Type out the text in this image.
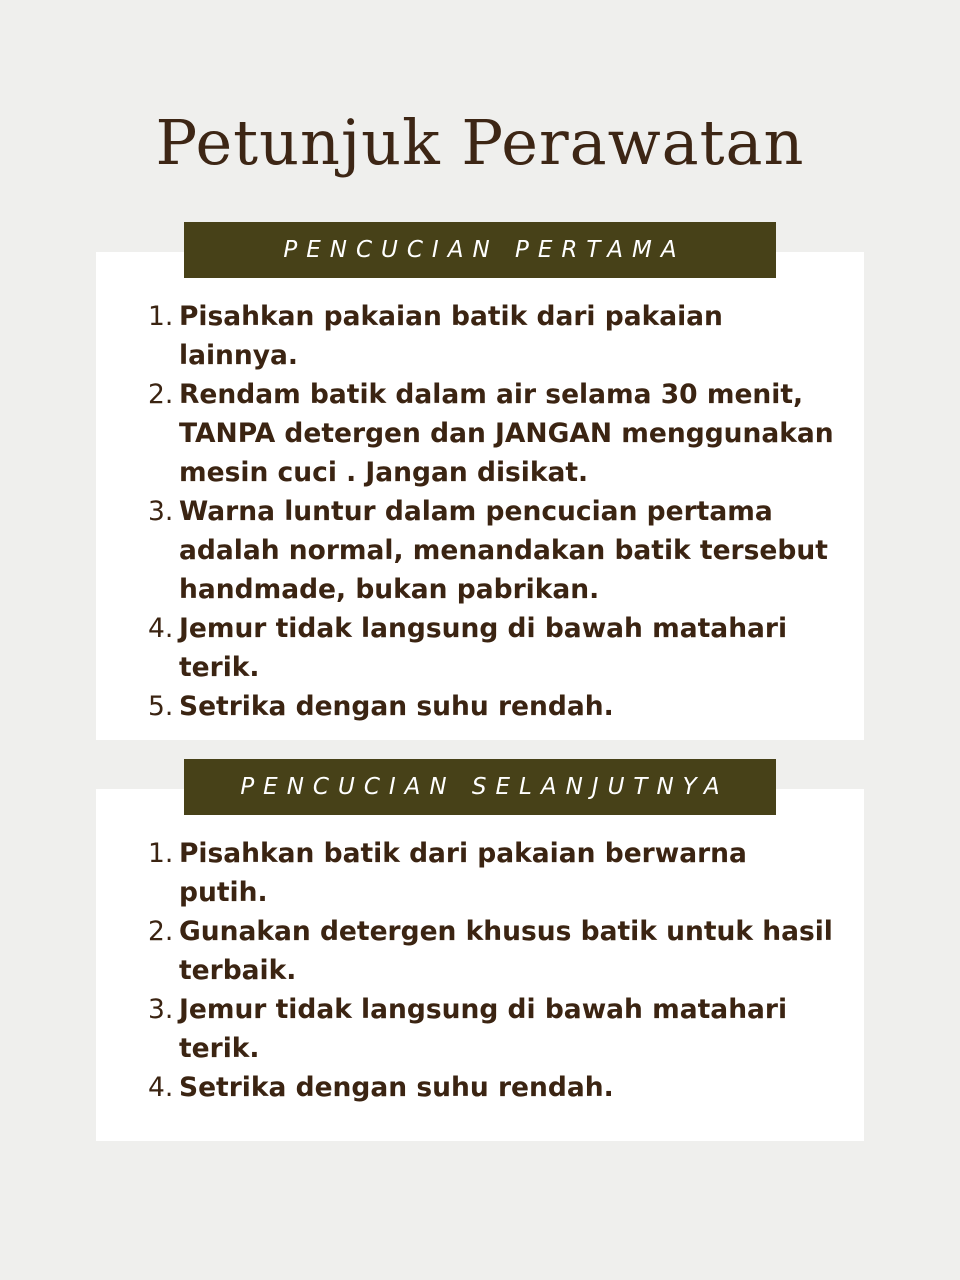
Petunjuk Perawatan
PENCUCIAN PERTAMA
1. Pisahkan pakaian batik dari pakaian lainnya.
2. Rendam batik dalam air selama 30 menit, TANPA detergen dan JANGAN menggunakan mesin cuci . Jangan disikat.
3. Warna luntur dalam pencucian pertama adalah normal, menandakan batik tersebut handmade, bukan pabrikan.
4. Jemur tidak langsung di bawah matahari terik.
5. Setrika dengan suhu rendah.
PENCUCIAN SELANJUTNYA
1. Pisahkan batik dari pakaian berwarna putih.
2. Gunakan detergen khusus batik untuk hasil terbaik.
3. Jemur tidak langsung di bawah matahari terik.
4. Setrika dengan suhu rendah.
